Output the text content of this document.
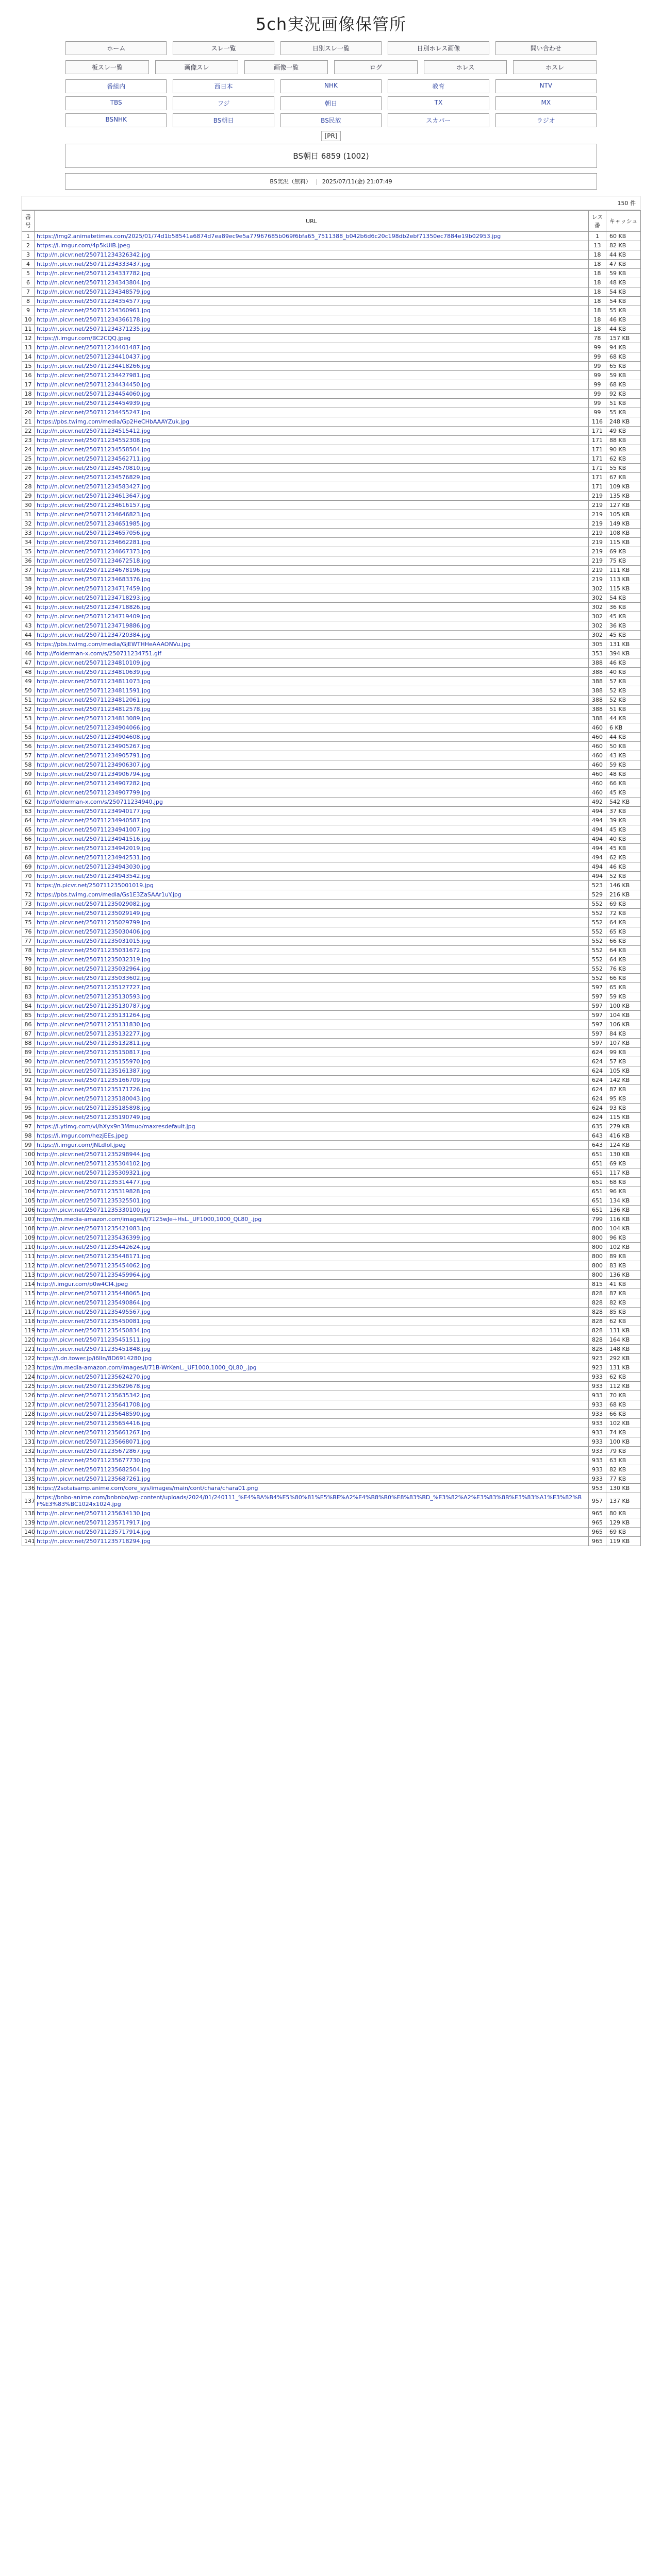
5ch実況画像保管所
ホーム	スレ一覧	日別スレ一覧	日別ホレス画像	問い合わせ
板スレ一覧	画像スレ	画像一覧	ログ	ホレス	ホスレ
番組内	西日本	NHK	教育	NTV
TBS	フジ	朝日	TX	MX
BSNHK	BS朝日	BS民放	スカパー	ラジオ
[PR]
BS朝日 6859 (1002)
BS実況（無料） 2025/07/11(金) 21:07:49
150 件
番号	URL	レス番	キャッシュ
1	https://img2.animatetimes.com/2025/01/74d1b58541a6874d7ea89ec9e5a77967685b069f6bfa65_7511388_b042b6d6c20c198db2ebf71350ec7884e19b02953.jpg	1	60 KB
2	https://i.imgur.com/4p5kUlB.jpeg	13	82 KB
3	http://n.picvr.net/250711234326342.jpg	18	44 KB
4	http://n.picvr.net/250711234333437.jpg	18	47 KB
5	http://n.picvr.net/250711234337782.jpg	18	59 KB
6	http://n.picvr.net/250711234343804.jpg	18	48 KB
7	http://n.picvr.net/250711234348579.jpg	18	54 KB
8	http://n.picvr.net/250711234354577.jpg	18	54 KB
9	http://n.picvr.net/250711234360961.jpg	18	55 KB
10	http://n.picvr.net/250711234366178.jpg	18	46 KB
11	http://n.picvr.net/250711234371235.jpg	18	44 KB
12	https://i.imgur.com/BC2CQQ.jpeg	78	157 KB
13	http://n.picvr.net/250711234401487.jpg	99	94 KB
14	http://n.picvr.net/250711234410437.jpg	99	68 KB
15	http://n.picvr.net/250711234418266.jpg	99	65 KB
16	http://n.picvr.net/250711234427981.jpg	99	59 KB
17	http://n.picvr.net/250711234434450.jpg	99	68 KB
18	http://n.picvr.net/250711234454060.jpg	99	92 KB
19	http://n.picvr.net/250711234454939.jpg	99	51 KB
20	http://n.picvr.net/250711234455247.jpg	99	55 KB
21	https://pbs.twimg.com/media/Gp2HeCHbAAAYZuk.jpg	116	248 KB
22	http://n.picvr.net/250711234515412.jpg	171	49 KB
23	http://n.picvr.net/250711234552308.jpg	171	88 KB
24	http://n.picvr.net/250711234558504.jpg	171	90 KB
25	http://n.picvr.net/250711234562711.jpg	171	62 KB
26	http://n.picvr.net/250711234570810.jpg	171	55 KB
27	http://n.picvr.net/250711234576829.jpg	171	67 KB
28	http://n.picvr.net/250711234583427.jpg	171	109 KB
29	http://n.picvr.net/250711234613647.jpg	219	135 KB
30	http://n.picvr.net/250711234616157.jpg	219	127 KB
31	http://n.picvr.net/250711234646823.jpg	219	105 KB
32	http://n.picvr.net/250711234651985.jpg	219	149 KB
33	http://n.picvr.net/250711234657056.jpg	219	108 KB
34	http://n.picvr.net/250711234662281.jpg	219	115 KB
35	http://n.picvr.net/250711234667373.jpg	219	69 KB
36	http://n.picvr.net/250711234672518.jpg	219	75 KB
37	http://n.picvr.net/250711234678196.jpg	219	111 KB
38	http://n.picvr.net/250711234683376.jpg	219	113 KB
39	http://n.picvr.net/250711234717459.jpg	302	115 KB
40	http://n.picvr.net/250711234718293.jpg	302	54 KB
41	http://n.picvr.net/250711234718826.jpg	302	36 KB
42	http://n.picvr.net/250711234719409.jpg	302	45 KB
43	http://n.picvr.net/250711234719886.jpg	302	36 KB
44	http://n.picvr.net/250711234720384.jpg	302	45 KB
45	https://pbs.twimg.com/media/GjEWTHHeAAAONVu.jpg	305	131 KB
46	http://folderman-x.com/s/250711234751.gif	353	394 KB
47	http://n.picvr.net/250711234810109.jpg	388	46 KB
48	http://n.picvr.net/250711234810639.jpg	388	40 KB
49	http://n.picvr.net/250711234811073.jpg	388	57 KB
50	http://n.picvr.net/250711234811591.jpg	388	52 KB
51	http://n.picvr.net/250711234812061.jpg	388	52 KB
52	http://n.picvr.net/250711234812578.jpg	388	51 KB
53	http://n.picvr.net/250711234813089.jpg	388	44 KB
54	http://n.picvr.net/250711234904066.jpg	460	6 KB
55	http://n.picvr.net/250711234904608.jpg	460	44 KB
56	http://n.picvr.net/250711234905267.jpg	460	50 KB
57	http://n.picvr.net/250711234905791.jpg	460	43 KB
58	http://n.picvr.net/250711234906307.jpg	460	59 KB
59	http://n.picvr.net/250711234906794.jpg	460	48 KB
60	http://n.picvr.net/250711234907282.jpg	460	66 KB
61	http://n.picvr.net/250711234907799.jpg	460	45 KB
62	http://folderman-x.com/s/250711234940.jpg	492	542 KB
63	http://n.picvr.net/250711234940177.jpg	494	37 KB
64	http://n.picvr.net/250711234940587.jpg	494	39 KB
65	http://n.picvr.net/250711234941007.jpg	494	45 KB
66	http://n.picvr.net/250711234941516.jpg	494	40 KB
67	http://n.picvr.net/250711234942019.jpg	494	45 KB
68	http://n.picvr.net/250711234942531.jpg	494	62 KB
69	http://n.picvr.net/250711234943030.jpg	494	46 KB
70	http://n.picvr.net/250711234943542.jpg	494	52 KB
71	https://n.picvr.net/250711235001019.jpg	523	146 KB
72	https://pbs.twimg.com/media/Gs1E3ZaSAAr1uY.jpg	529	216 KB
73	http://n.picvr.net/250711235029082.jpg	552	69 KB
74	http://n.picvr.net/250711235029149.jpg	552	72 KB
75	http://n.picvr.net/250711235029799.jpg	552	64 KB
76	http://n.picvr.net/250711235030406.jpg	552	65 KB
77	http://n.picvr.net/250711235031015.jpg	552	66 KB
78	http://n.picvr.net/250711235031672.jpg	552	64 KB
79	http://n.picvr.net/250711235032319.jpg	552	64 KB
80	http://n.picvr.net/250711235032964.jpg	552	76 KB
81	http://n.picvr.net/250711235033602.jpg	552	66 KB
82	http://n.picvr.net/250711235127727.jpg	597	65 KB
83	http://n.picvr.net/250711235130593.jpg	597	59 KB
84	http://n.picvr.net/250711235130787.jpg	597	100 KB
85	http://n.picvr.net/250711235131264.jpg	597	104 KB
86	http://n.picvr.net/250711235131830.jpg	597	106 KB
87	http://n.picvr.net/250711235132277.jpg	597	84 KB
88	http://n.picvr.net/250711235132811.jpg	597	107 KB
89	http://n.picvr.net/250711235150817.jpg	624	99 KB
90	http://n.picvr.net/250711235155970.jpg	624	57 KB
91	http://n.picvr.net/250711235161387.jpg	624	105 KB
92	http://n.picvr.net/250711235166709.jpg	624	142 KB
93	http://n.picvr.net/250711235171726.jpg	624	87 KB
94	http://n.picvr.net/250711235180043.jpg	624	95 KB
95	http://n.picvr.net/250711235185898.jpg	624	93 KB
96	http://n.picvr.net/250711235190749.jpg	624	115 KB
97	https://i.ytimg.com/vi/hXyx9n3Mmuo/maxresdefault.jpg	635	279 KB
98	https://i.imgur.com/hezjEEs.jpeg	643	416 KB
99	https://i.imgur.com/JNLdIol.jpeg	643	124 KB
100	http://n.picvr.net/250711235298944.jpg	651	130 KB
101	http://n.picvr.net/250711235304102.jpg	651	69 KB
102	http://n.picvr.net/250711235309321.jpg	651	117 KB
103	http://n.picvr.net/250711235314477.jpg	651	68 KB
104	http://n.picvr.net/250711235319828.jpg	651	96 KB
105	http://n.picvr.net/250711235325501.jpg	651	134 KB
106	http://n.picvr.net/250711235330100.jpg	651	136 KB
107	https://m.media-amazon.com/images/I/7125wJe+HsL._UF1000,1000_QL80_.jpg	799	116 KB
108	http://n.picvr.net/250711235421083.jpg	800	104 KB
109	http://n.picvr.net/250711235436399.jpg	800	96 KB
110	http://n.picvr.net/250711235442624.jpg	800	102 KB
111	http://n.picvr.net/250711235448171.jpg	800	89 KB
112	http://n.picvr.net/250711235454062.jpg	800	83 KB
113	http://n.picvr.net/250711235459964.jpg	800	136 KB
114	http://i.imgur.com/p0w4Cl4.jpeg	815	41 KB
115	http://n.picvr.net/250711235448065.jpg	828	87 KB
116	http://n.picvr.net/250711235490864.jpg	828	82 KB
117	http://n.picvr.net/250711235495567.jpg	828	85 KB
118	http://n.picvr.net/250711235450081.jpg	828	62 KB
119	http://n.picvr.net/250711235450834.jpg	828	131 KB
120	http://n.picvr.net/250711235451511.jpg	828	164 KB
121	http://n.picvr.net/250711235451848.jpg	828	148 KB
122	https://i.dn.tower.jp/i6IIn/8D6914280.jpg	923	292 KB
123	https://m.media-amazon.com/images/I/71B-WrKenL._UF1000,1000_QL80_.jpg	923	131 KB
124	http://n.picvr.net/250711235624270.jpg	933	62 KB
125	http://n.picvr.net/250711235629678.jpg	933	112 KB
126	http://n.picvr.net/250711235635342.jpg	933	70 KB
127	http://n.picvr.net/250711235641708.jpg	933	68 KB
128	http://n.picvr.net/250711235648590.jpg	933	66 KB
129	http://n.picvr.net/250711235654416.jpg	933	102 KB
130	http://n.picvr.net/250711235661267.jpg	933	74 KB
131	http://n.picvr.net/250711235668071.jpg	933	100 KB
132	http://n.picvr.net/250711235672867.jpg	933	79 KB
133	http://n.picvr.net/250711235677730.jpg	933	63 KB
134	http://n.picvr.net/250711235682504.jpg	933	82 KB
135	http://n.picvr.net/250711235687261.jpg	933	77 KB
136	https://2sotaisamp.anime.com/core_sys/images/main/cont/chara/chara01.png	953	130 KB
137	https://bnbo-anime.com/bnbnbo/wp-content/uploads/2024/01/240111_%E4%BA%B4%E5%80%81%E5%BE%A2%E4%B8%B0%E8%83%BD_%E3%82%A2%E3%83%8B%E3%83%A1%E3%82%BF%E3%83%BC1024x1024.jpg	957	137 KB
138	http://n.picvr.net/250711235634130.jpg	965	80 KB
139	http://n.picvr.net/250711235717917.jpg	965	129 KB
140	http://n.picvr.net/250711235717914.jpg	965	69 KB
141	http://n.picvr.net/250711235718294.jpg	965	119 KB
